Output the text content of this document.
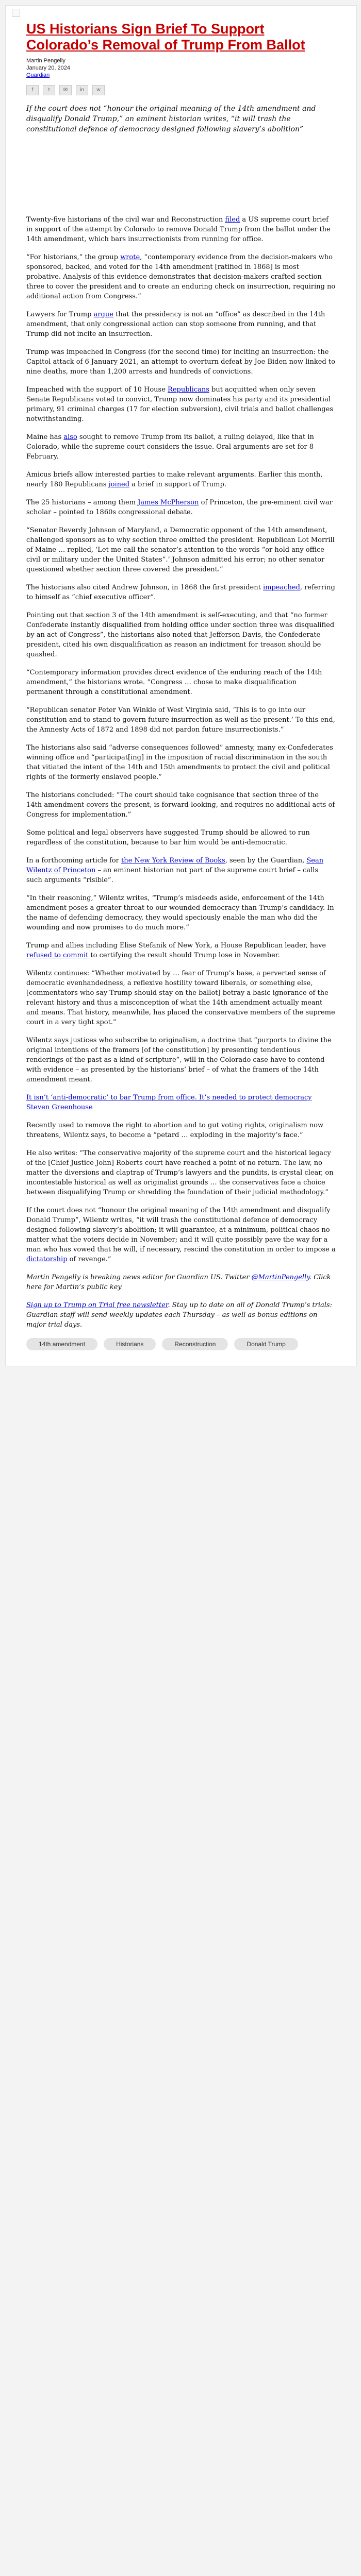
US Historians Sign Brief To Support Colorado’s Removal of Trump From Ballot
Martin Pengelly
January 20, 2024
Guardian
f	t	✉	in	w
If the court does not “honour the original meaning of the 14th amendment and disqualify Donald Trump,” an eminent historian writes, “it will trash the constitutional defence of democracy designed following slavery’s abolition”

Twenty-five historians of the civil war and Reconstruction filed a US supreme court brief in support of the attempt by Colorado to remove Donald Trump from the ballot under the 14th amendment, which bars insurrectionists from running for office.

“For historians,” the group wrote, “contemporary evidence from the decision-makers who sponsored, backed, and voted for the 14th amendment [ratified in 1868] is most probative. Analysis of this evidence demonstrates that decision-makers crafted section three to cover the president and to create an enduring check on insurrection, requiring no additional action from Congress.”

Lawyers for Trump argue that the presidency is not an “office” as described in the 14th amendment, that only congressional action can stop someone from running, and that Trump did not incite an insurrection.

Trump was impeached in Congress (for the second time) for inciting an insurrection: the Capitol attack of 6 January 2021, an attempt to overturn defeat by Joe Biden now linked to nine deaths, more than 1,200 arrests and hundreds of convictions.

Impeached with the support of 10 House Republicans but acquitted when only seven Senate Republicans voted to convict, Trump now dominates his party and its presidential primary, 91 criminal charges (17 for election subversion), civil trials and ballot challenges notwithstanding.

Maine has also sought to remove Trump from its ballot, a ruling delayed, like that in Colorado, while the supreme court considers the issue. Oral arguments are set for 8 February.

Amicus briefs allow interested parties to make relevant arguments. Earlier this month, nearly 180 Republicans joined a brief in support of Trump.

The 25 historians – among them James McPherson of Princeton, the pre-eminent civil war scholar – pointed to 1860s congressional debate.

“Senator Reverdy Johnson of Maryland, a Democratic opponent of the 14th amendment, challenged sponsors as to why section three omitted the president. Republican Lot Morrill of Maine … replied, ‘Let me call the senator’s attention to the words “or hold any office civil or military under the United States”.’ Johnson admitted his error; no other senator questioned whether section three covered the president.”

The historians also cited Andrew Johnson, in 1868 the first president impeached, referring to himself as “chief executive officer”.

Pointing out that section 3 of the 14th amendment is self-executing, and that “no former Confederate instantly disqualified from holding office under section three was disqualified by an act of Congress”, the historians also noted that Jefferson Davis, the Confederate president, cited his own disqualification as reason an indictment for treason should be quashed.

“Contemporary information provides direct evidence of the enduring reach of the 14th amendment,” the historians wrote. “Congress … chose to make disqualification permanent through a constitutional amendment.

“Republican senator Peter Van Winkle of West Virginia said, ‘This is to go into our constitution and to stand to govern future insurrection as well as the present.’ To this end, the Amnesty Acts of 1872 and 1898 did not pardon future insurrectionists.”

The historians also said “adverse consequences followed” amnesty, many ex-Confederates winning office and “participat[ing] in the imposition of racial discrimination in the south that vitiated the intent of the 14th and 15th amendments to protect the civil and political rights of the formerly enslaved people.”

The historians concluded: “The court should take cognisance that section three of the 14th amendment covers the present, is forward-looking, and requires no additional acts of Congress for implementation.”

Some political and legal observers have suggested Trump should be allowed to run regardless of the constitution, because to bar him would be anti-democratic.

In a forthcoming article for the New York Review of Books, seen by the Guardian, Sean Wilentz of Princeton – an eminent historian not part of the supreme court brief – calls such arguments “risible”.

“In their reasoning,” Wilentz writes, “Trump’s misdeeds aside, enforcement of the 14th amendment poses a greater threat to our wounded democracy than Trump’s candidacy. In the name of defending democracy, they would speciously enable the man who did the wounding and now promises to do much more.”

Trump and allies including Elise Stefanik of New York, a House Republican leader, have refused to commit to certifying the result should Trump lose in November.

Wilentz continues: “Whether motivated by … fear of Trump’s base, a perverted sense of democratic evenhandedness, a reflexive hostility toward liberals, or something else, [commentators who say Trump should stay on the ballot] betray a basic ignorance of the relevant history and thus a misconception of what the 14th amendment actually meant and means. That history, meanwhile, has placed the conservative members of the supreme court in a very tight spot.”

Wilentz says justices who subscribe to originalism, a doctrine that “purports to divine the original intentions of the framers [of the constitution] by presenting tendentious renderings of the past as a kind of scripture”, will in the Colorado case have to contend with evidence – as presented by the historians’ brief – of what the framers of the 14th amendment meant.

It isn’t ‘anti-democratic’ to bar Trump from office. It’s needed to protect democracy
Steven Greenhouse

Recently used to remove the right to abortion and to gut voting rights, originalism now threatens, Wilentz says, to become a “petard … exploding in the majority’s face.”

He also writes: “The conservative majority of the supreme court and the historical legacy of the [Chief Justice John] Roberts court have reached a point of no return. The law, no matter the diversions and claptrap of Trump’s lawyers and the pundits, is crystal clear, on incontestable historical as well as originalist grounds … the conservatives face a choice between disqualifying Trump or shredding the foundation of their judicial methodology.”

If the court does not “honour the original meaning of the 14th amendment and disqualify Donald Trump”, Wilentz writes, “it will trash the constitutional defence of democracy designed following slavery’s abolition; it will guarantee, at a minimum, political chaos no matter what the voters decide in November; and it will quite possibly pave the way for a man who has vowed that he will, if necessary, rescind the constitution in order to impose a dictatorship of revenge.”

Martin Pengelly is breaking news editor for Guardian US. Twitter @MartinPengelly. Click here for Martin’s public key
Sign up to Trump on Trial free newsletter. Stay up to date on all of Donald Trump’s trials: Guardian staff will send weekly updates each Thursday – as well as bonus editions on major trial days.
14th amendment	Historians	Reconstruction	Donald Trump
